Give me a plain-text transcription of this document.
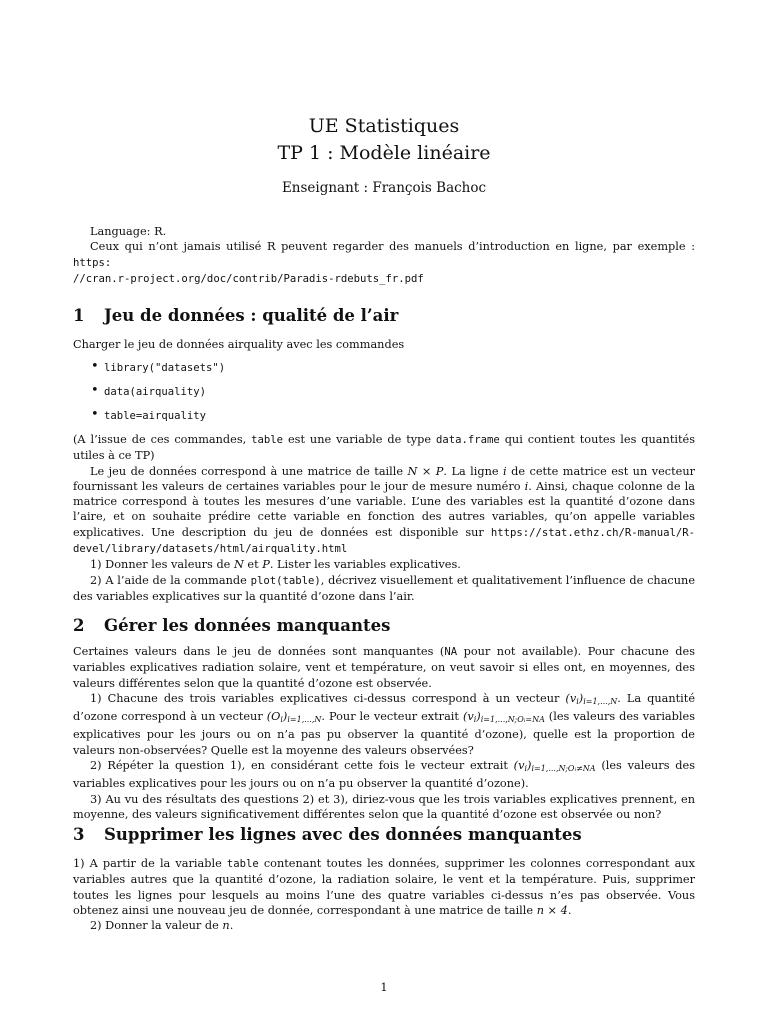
UE Statistiques
TP 1 : Modèle linéaire
Enseignant : François Bachoc

Language: R.

Ceux qui n’ont jamais utilisé R peuvent regarder des manuels d’introduction en ligne, par exemple : https:
//cran.r-project.org/doc/contrib/Paradis-rdebuts_fr.pdf

1 Jeu de données : qualité de l’air

Charger le jeu de données airquality avec les commandes

• library("datasets")
• data(airquality)
• table=airquality

(A l’issue de ces commandes, table est une variable de type data.frame qui contient toutes les quantités utiles à ce TP)

Le jeu de données correspond à une matrice de taille N × P. La ligne i de cette matrice est un vecteur fournissant les valeurs de certaines variables pour le jour de mesure numéro i. Ainsi, chaque colonne de la matrice correspond à toutes les mesures d’une variable. L’une des variables est la quantité d’ozone dans l’aire, et on souhaite prédire cette variable en fonction des autres variables, qu’on appelle variables explicatives. Une description du jeu de données est disponible sur https://stat.ethz.ch/R-manual/R-devel/library/datasets/html/airquality.html

1) Donner les valeurs de N et P. Lister les variables explicatives.

2) A l’aide de la commande plot(table), décrivez visuellement et qualitativement l’influence de chacune des variables explicatives sur la quantité d’ozone dans l’air.

2 Gérer les données manquantes

Certaines valeurs dans le jeu de données sont manquantes (NA pour not available). Pour chacune des variables explicatives radiation solaire, vent et température, on veut savoir si elles ont, en moyennes, des valeurs différentes selon que la quantité d’ozone est observée.

1) Chacune des trois variables explicatives ci-dessus correspond à un vecteur $(v_i)_{i=1,...,N}$. La quantité d’ozone correspond à un vecteur $(O_i)_{i=1,...,N}$. Pour le vecteur extrait $(v_i)_{i=1,...,N;Oᵢ=NA}$ (les valeurs des variables explicatives pour les jours ou on n’a pas pu observer la quantité d’ozone), quelle est la proportion de valeurs non-observées? Quelle est la moyenne des valeurs observées?

2) Répéter la question 1), en considérant cette fois le vecteur extrait $(v_i)_{i=1,...,N;Oᵢ\ne NA}$ (les valeurs des variables explicatives pour les jours ou on n’a pu observer la quantité d’ozone).

3) Au vu des résultats des questions 2) et 3), diriez-vous que les trois variables explicatives prennent, en moyenne, des valeurs significativement différentes selon que la quantité d’ozone est observée ou non?

3 Supprimer les lignes avec des données manquantes

1) A partir de la variable table contenant toutes les données, supprimer les colonnes correspondant aux variables autres que la quantité d’ozone, la radiation solaire, le vent et la température. Puis, supprimer toutes les lignes pour lesquels au moins l’une des quatre variables ci-dessus n’es pas observée. Vous obtenez ainsi une nouveau jeu de donnée, correspondant à une matrice de taille n × 4.

2) Donner la valeur de n.

1
